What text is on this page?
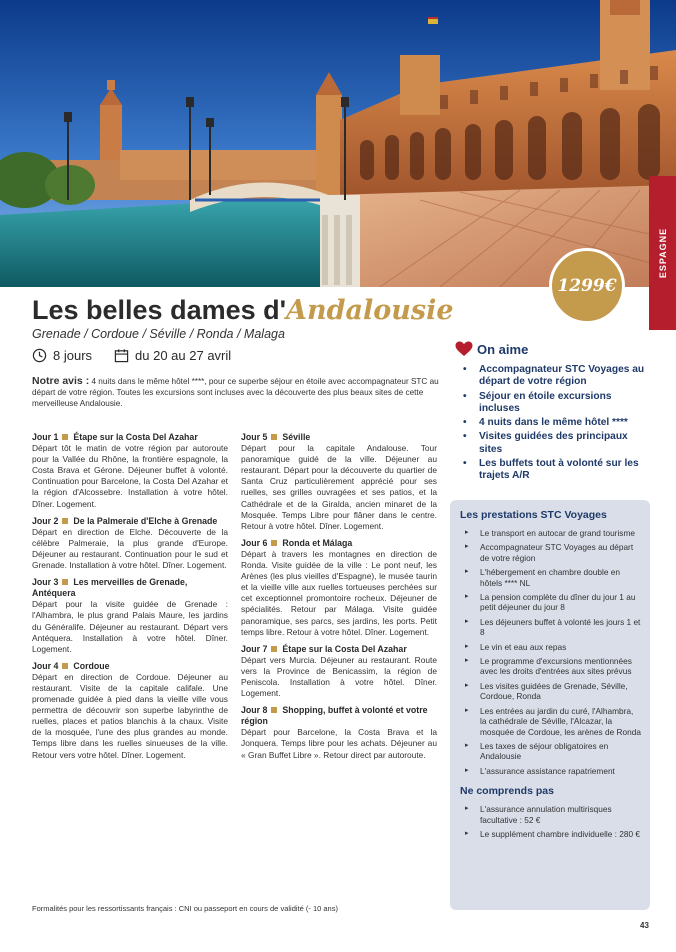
ESPAGNE
1299€
Les belles dames d'Andalousie
Grenade / Cordoue / Séville / Ronda / Malaga
8 jours	du 20 au 27 avril

Notre avis : 4 nuits dans le même hôtel ****, pour ce superbe séjour en étoile avec accompagnateur STC au départ de votre région. Toutes les excursions sont incluses avec la découverte des plus beaux sites de cette merveilleuse Andalousie.

Jour 1 Étape sur la Costa Del Azahar
Départ tôt le matin de votre région par autoroute pour la Vallée du Rhône, la frontière espagnole, la Costa Brava et Gérone. Déjeuner buffet à volonté. Continuation pour Barcelone, la Costa Del Azahar et la région d'Alcossebre. Installation à votre hôtel. Dîner. Logement.
Jour 2 De la Palmeraie d'Elche à Grenade
Départ en direction de Elche. Découverte de la célèbre Palmeraie, la plus grande d'Europe. Déjeuner au restaurant. Continuation pour le sud et Grenade. Installation à votre hôtel. Dîner. Logement.
Jour 3 Les merveilles de Grenade, Antéquera
Départ pour la visite guidée de Grenade : l'Alhambra, le plus grand Palais Maure, les jardins du Généralife. Déjeuner au restaurant. Départ vers Antéquera. Installation à votre hôtel. Dîner. Logement.
Jour 4 Cordoue
Départ en direction de Cordoue. Déjeuner au restaurant. Visite de la capitale califale. Une promenade guidée à pied dans la vieille ville vous permettra de découvrir son superbe labyrinthe de ruelles, places et patios blanchis à la chaux. Visite de la mosquée, l'une des plus grandes au monde. Temps libre dans les ruelles sinueuses de la ville. Retour vers votre hôtel. Dîner. Logement.
Jour 5 Séville
Départ pour la capitale Andalouse. Tour panoramique guidé de la ville. Déjeuner au restaurant. Départ pour la découverte du quartier de Santa Cruz particulièrement apprécié pour ses ruelles, ses grilles ouvragées et ses patios, et la Cathédrale et de la Giralda, ancien minaret de la Mosquée. Temps Libre pour flâner dans le centre. Retour à votre hôtel. Dîner. Logement.
Jour 6 Ronda et Málaga
Départ à travers les montagnes en direction de Ronda. Visite guidée de la ville : Le pont neuf, les Arènes (les plus vieilles d'Espagne), le musée taurin et la vieille ville aux ruelles tortueuses perchées sur cet exceptionnel promontoire rocheux. Déjeuner de spécialités. Retour par Málaga. Visite guidée panoramique, ses parcs, ses jardins, les ports. Petit temps libre. Retour à votre hôtel. Dîner. Logement.
Jour 7 Étape sur la Costa Del Azahar
Départ vers Murcia. Déjeuner au restaurant. Route vers la Province de Benicassim, la région de Peniscola. Installation à votre hôtel. Dîner. Logement.
Jour 8 Shopping, buffet à volonté et votre région
Départ pour Barcelone, la Costa Brava et la Jonquera. Temps libre pour les achats. Déjeuner au « Gran Buffet Libre ». Retour direct par autoroute.
On aime
• Accompagnateur STC Voyages au départ de votre région
• Séjour en étoile excursions incluses
• 4 nuits dans le même hôtel ****
• Visites guidées des principaux sites
• Les buffets tout à volonté sur les trajets A/R
Les prestations STC Voyages
▸ Le transport en autocar de grand tourisme
▸ Accompagnateur STC Voyages au départ de votre région
▸ L'hébergement en chambre double en hôtels **** NL
▸ La pension complète du dîner du jour 1 au petit déjeuner du jour 8
▸ Les déjeuners buffet à volonté les jours 1 et 8
▸ Le vin et eau aux repas
▸ Le programme d'excursions mentionnées avec les droits d'entrées aux sites prévus
▸ Les visites guidées de Grenade, Séville, Cordoue, Ronda
▸ Les entrées au jardin du curé, l'Alhambra, la cathédrale de Séville, l'Alcazar, la mosquée de Cordoue, les arènes de Ronda
▸ Les taxes de séjour obligatoires en Andalousie
▸ L'assurance assistance rapatriement
Ne comprends pas
▸ L'assurance annulation multirisques facultative : 52 €
▸ Le supplément chambre individuelle : 280 €
Formalités pour les ressortissants français : CNI ou passeport en cours de validité (- 10 ans)
43
